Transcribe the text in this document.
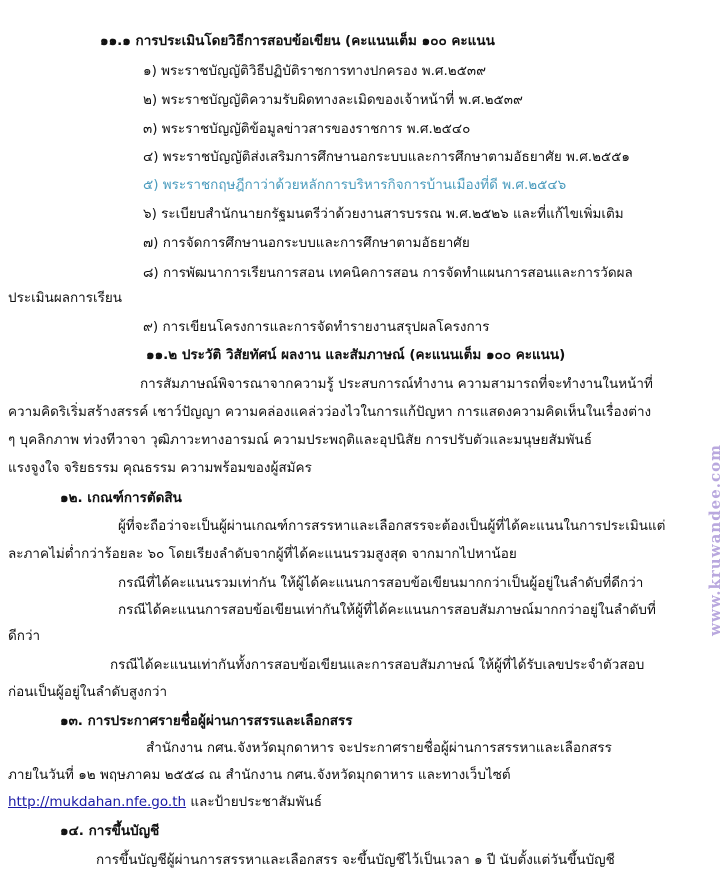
๑๑.๑ การประเมินโดยวิธีการสอบข้อเขียน (คะแนนเต็ม ๑๐๐ คะแนน
๑) พระราชบัญญัติวิธีปฏิบัติราชการทางปกครอง พ.ศ.๒๕๓๙
๒) พระราชบัญญัติความรับผิดทางละเมิดของเจ้าหน้าที่ พ.ศ.๒๕๓๙
๓) พระราชบัญญัติข้อมูลข่าวสารของราชการ พ.ศ.๒๕๔๐
๔) พระราชบัญญัติส่งเสริมการศึกษานอกระบบและการศึกษาตามอัธยาศัย พ.ศ.๒๕๕๑
๕) พระราชกฤษฎีกาว่าด้วยหลักการบริหารกิจการบ้านเมืองที่ดี พ.ศ.๒๕๔๖
๖) ระเบียบสำนักนายกรัฐมนตรีว่าด้วยงานสารบรรณ พ.ศ.๒๕๒๖ และที่แก้ไขเพิ่มเติม
๗) การจัดการศึกษานอกระบบและการศึกษาตามอัธยาศัย
๘) การพัฒนาการเรียนการสอน เทคนิคการสอน การจัดทำแผนการสอนและการวัดผล
ประเมินผลการเรียน
๙) การเขียนโครงการและการจัดทำรายงานสรุปผลโครงการ
๑๑.๒ ประวัติ วิสัยทัศน์ ผลงาน และสัมภาษณ์ (คะแนนเต็ม ๑๐๐ คะแนน)
การสัมภาษณ์พิจารณาจากความรู้ ประสบการณ์ทำงาน ความสามารถที่จะทำงานในหน้าที่
ความคิดริเริ่มสร้างสรรค์ เชาว์ปัญญา ความคล่องแคล่วว่องไวในการแก้ปัญหา การแสดงความคิดเห็นในเรื่องต่าง
ๆ บุคลิกภาพ ท่วงทีวาจา วุฒิภาวะทางอารมณ์ ความประพฤติและอุปนิสัย การปรับตัวและมนุษยสัมพันธ์
แรงจูงใจ จริยธรรม คุณธรรม ความพร้อมของผู้สมัคร
๑๒. เกณฑ์การตัดสิน
ผู้ที่จะถือว่าจะเป็นผู้ผ่านเกณฑ์การสรรหาและเลือกสรรจะต้องเป็นผู้ที่ได้คะแนนในการประเมินแต่
ละภาคไม่ต่ำกว่าร้อยละ ๖๐ โดยเรียงลำดับจากผู้ที่ได้คะแนนรวมสูงสุด จากมากไปหาน้อย
กรณีที่ได้คะแนนรวมเท่ากัน ให้ผู้ได้คะแนนการสอบข้อเขียนมากกว่าเป็นผู้อยู่ในลำดับที่ดีกว่า
กรณีได้คะแนนการสอบข้อเขียนเท่ากันให้ผู้ที่ได้คะแนนการสอบสัมภาษณ์มากกว่าอยู่ในลำดับที่
ดีกว่า
กรณีได้คะแนนเท่ากันทั้งการสอบข้อเขียนและการสอบสัมภาษณ์ ให้ผู้ที่ได้รับเลขประจำตัวสอบ
ก่อนเป็นผู้อยู่ในลำดับสูงกว่า
๑๓. การประกาศรายชื่อผู้ผ่านการสรรและเลือกสรร
สำนักงาน กศน.จังหวัดมุกดาหาร จะประกาศรายชื่อผู้ผ่านการสรรหาและเลือกสรร
ภายในวันที่ ๑๒ พฤษภาคม ๒๕๕๘ ณ สำนักงาน กศน.จังหวัดมุกดาหาร และทางเว็บไซต์
http://mukdahan.nfe.go.th และป้ายประชาสัมพันธ์
๑๔. การขึ้นบัญชี
การขึ้นบัญชีผู้ผ่านการสรรหาและเลือกสรร จะขึ้นบัญชีไว้เป็นเวลา ๑ ปี นับตั้งแต่วันขึ้นบัญชี
www.kruwandee.com
